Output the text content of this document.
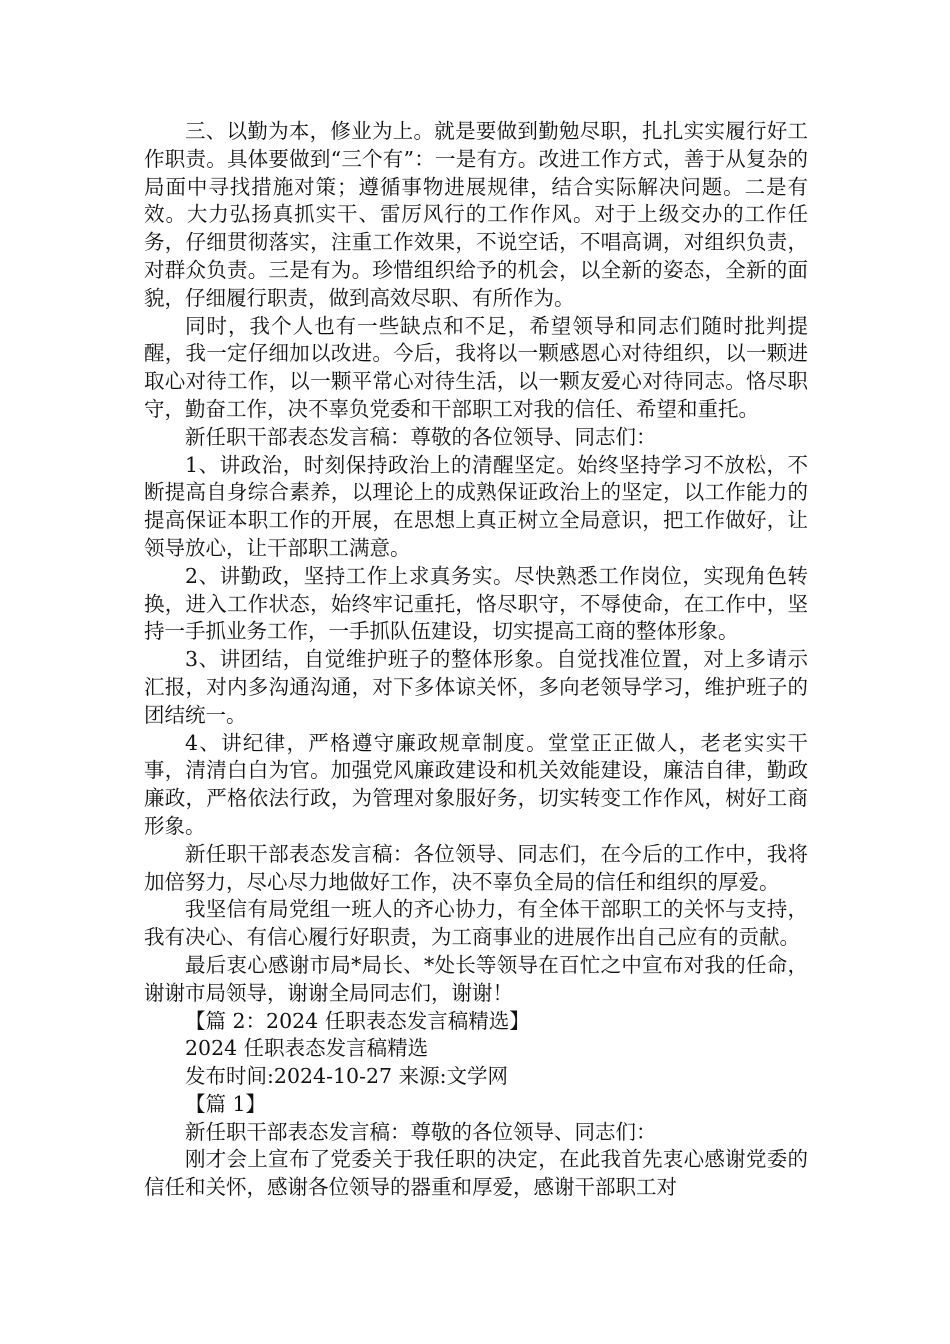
三、以勤为本，修业为上。就是要做到勤勉尽职，扎扎实实履行好工作职责。具体要做到“三个有”：一是有方。改进工作方式，善于从复杂的局面中寻找措施对策；遵循事物进展规律，结合实际解决问题。二是有效。大力弘扬真抓实干、雷厉风行的工作作风。对于上级交办的工作任务，仔细贯彻落实，注重工作效果，不说空话，不唱高调，对组织负责，对群众负责。三是有为。珍惜组织给予的机会，以全新的姿态，全新的面貌，仔细履行职责，做到高效尽职、有所作为。

同时，我个人也有一些缺点和不足，希望领导和同志们随时批判提醒，我一定仔细加以改进。今后，我将以一颗感恩心对待组织，以一颗进取心对待工作，以一颗平常心对待生活，以一颗友爱心对待同志。恪尽职守，勤奋工作，决不辜负党委和干部职工对我的信任、希望和重托。

新任职干部表态发言稿：尊敬的各位领导、同志们：

1、讲政治，时刻保持政治上的清醒坚定。始终坚持学习不放松，不断提高自身综合素养，以理论上的成熟保证政治上的坚定，以工作能力的提高保证本职工作的开展，在思想上真正树立全局意识，把工作做好，让领导放心，让干部职工满意。

2、讲勤政，坚持工作上求真务实。尽快熟悉工作岗位，实现角色转换，进入工作状态，始终牢记重托，恪尽职守，不辱使命，在工作中，坚持一手抓业务工作，一手抓队伍建设，切实提高工商的整体形象。

3、讲团结，自觉维护班子的整体形象。自觉找准位置，对上多请示汇报，对内多沟通沟通，对下多体谅关怀，多向老领导学习，维护班子的团结统一。

4、讲纪律，严格遵守廉政规章制度。堂堂正正做人，老老实实干事，清清白白为官。加强党风廉政建设和机关效能建设，廉洁自律，勤政廉政，严格依法行政，为管理对象服好务，切实转变工作作风，树好工商形象。

新任职干部表态发言稿：各位领导、同志们，在今后的工作中，我将加倍努力，尽心尽力地做好工作，决不辜负全局的信任和组织的厚爱。

我坚信有局党组一班人的齐心协力，有全体干部职工的关怀与支持，我有决心、有信心履行好职责，为工商事业的进展作出自己应有的贡献。

最后衷心感谢市局*局长、*处长等领导在百忙之中宣布对我的任命，谢谢市局领导，谢谢全局同志们，谢谢！

【篇 2：2024 任职表态发言稿精选】

2024 任职表态发言稿精选

发布时间:2024-10-27 来源:文学网

【篇 1】

新任职干部表态发言稿：尊敬的各位领导、同志们：

刚才会上宣布了党委关于我任职的决定，在此我首先衷心感谢党委的信任和关怀，感谢各位领导的器重和厚爱，感谢干部职工对
